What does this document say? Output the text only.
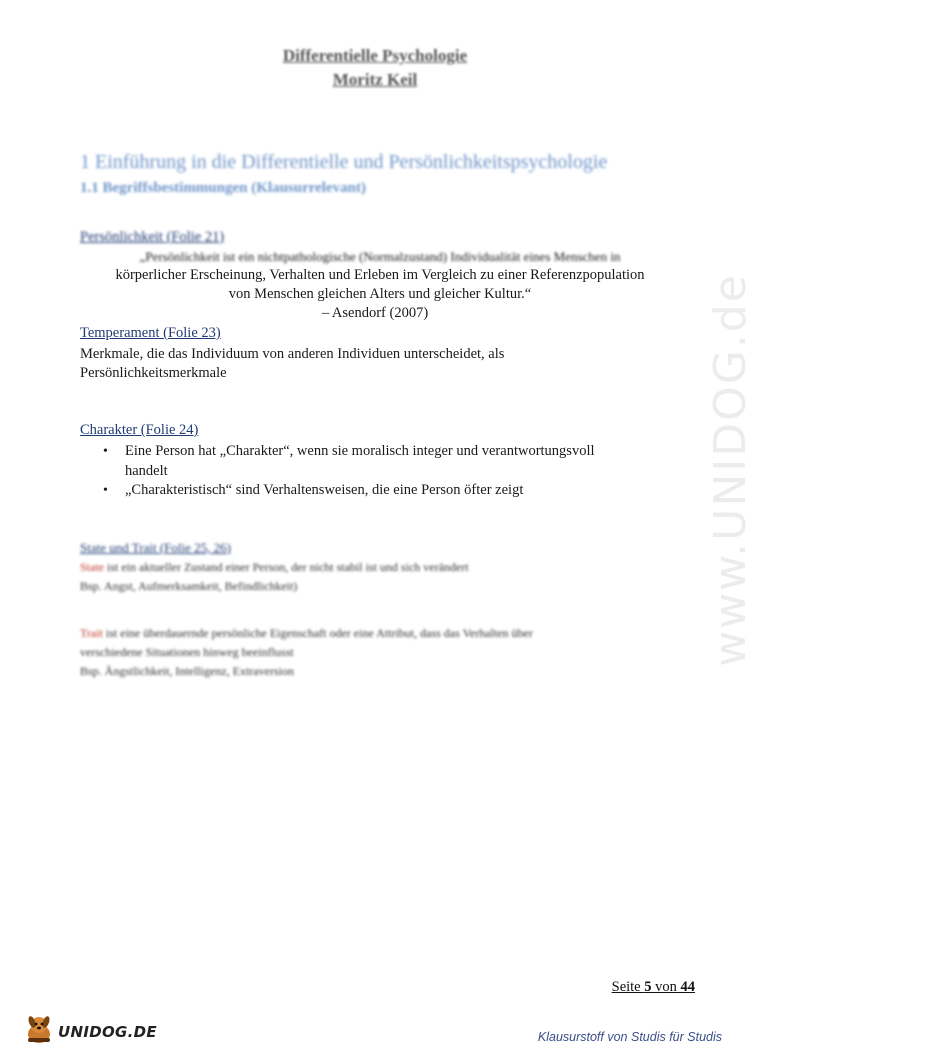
www.UNIDOG.de
Differentielle Psychologie
Moritz Keil
1 Einführung in die Differentielle und Persönlichkeitspsychologie
1.1 Begriffsbestimmungen (Klausurrelevant)
Persönlichkeit (Folie 21)
„Persönlichkeit ist ein nichtpathologische (Normalzustand) Individualität eines Menschen in
körperlicher Erscheinung, Verhalten und Erleben im Vergleich zu einer Referenzpopulation
von Menschen gleichen Alters und gleicher Kultur.“
– Asendorf (2007)
Temperament (Folie 23)
Merkmale, die das Individuum von anderen Individuen unterscheidet, als
Persönlichkeitsmerkmale
Charakter (Folie 24)
• Eine Person hat „Charakter“, wenn sie moralisch integer und verantwortungsvoll
handelt
• „Charakteristisch“ sind Verhaltensweisen, die eine Person öfter zeigt
State und Trait (Folie 25, 26)
State ist ein aktueller Zustand einer Person, der nicht stabil ist und sich verändert
Bsp. Angst, Aufmerksamkeit, Befindlichkeit)
Trait ist eine überdauernde persönliche Eigenschaft oder eine Attribut, dass das Verhalten über
verschiedene Situationen hinweg beeinflusst
Bsp. Ängstlichkeit, Intelligenz, Extraversion
Seite 5 von 44
UNIDOG.DE	Klausurstoff von Studis für Studis
